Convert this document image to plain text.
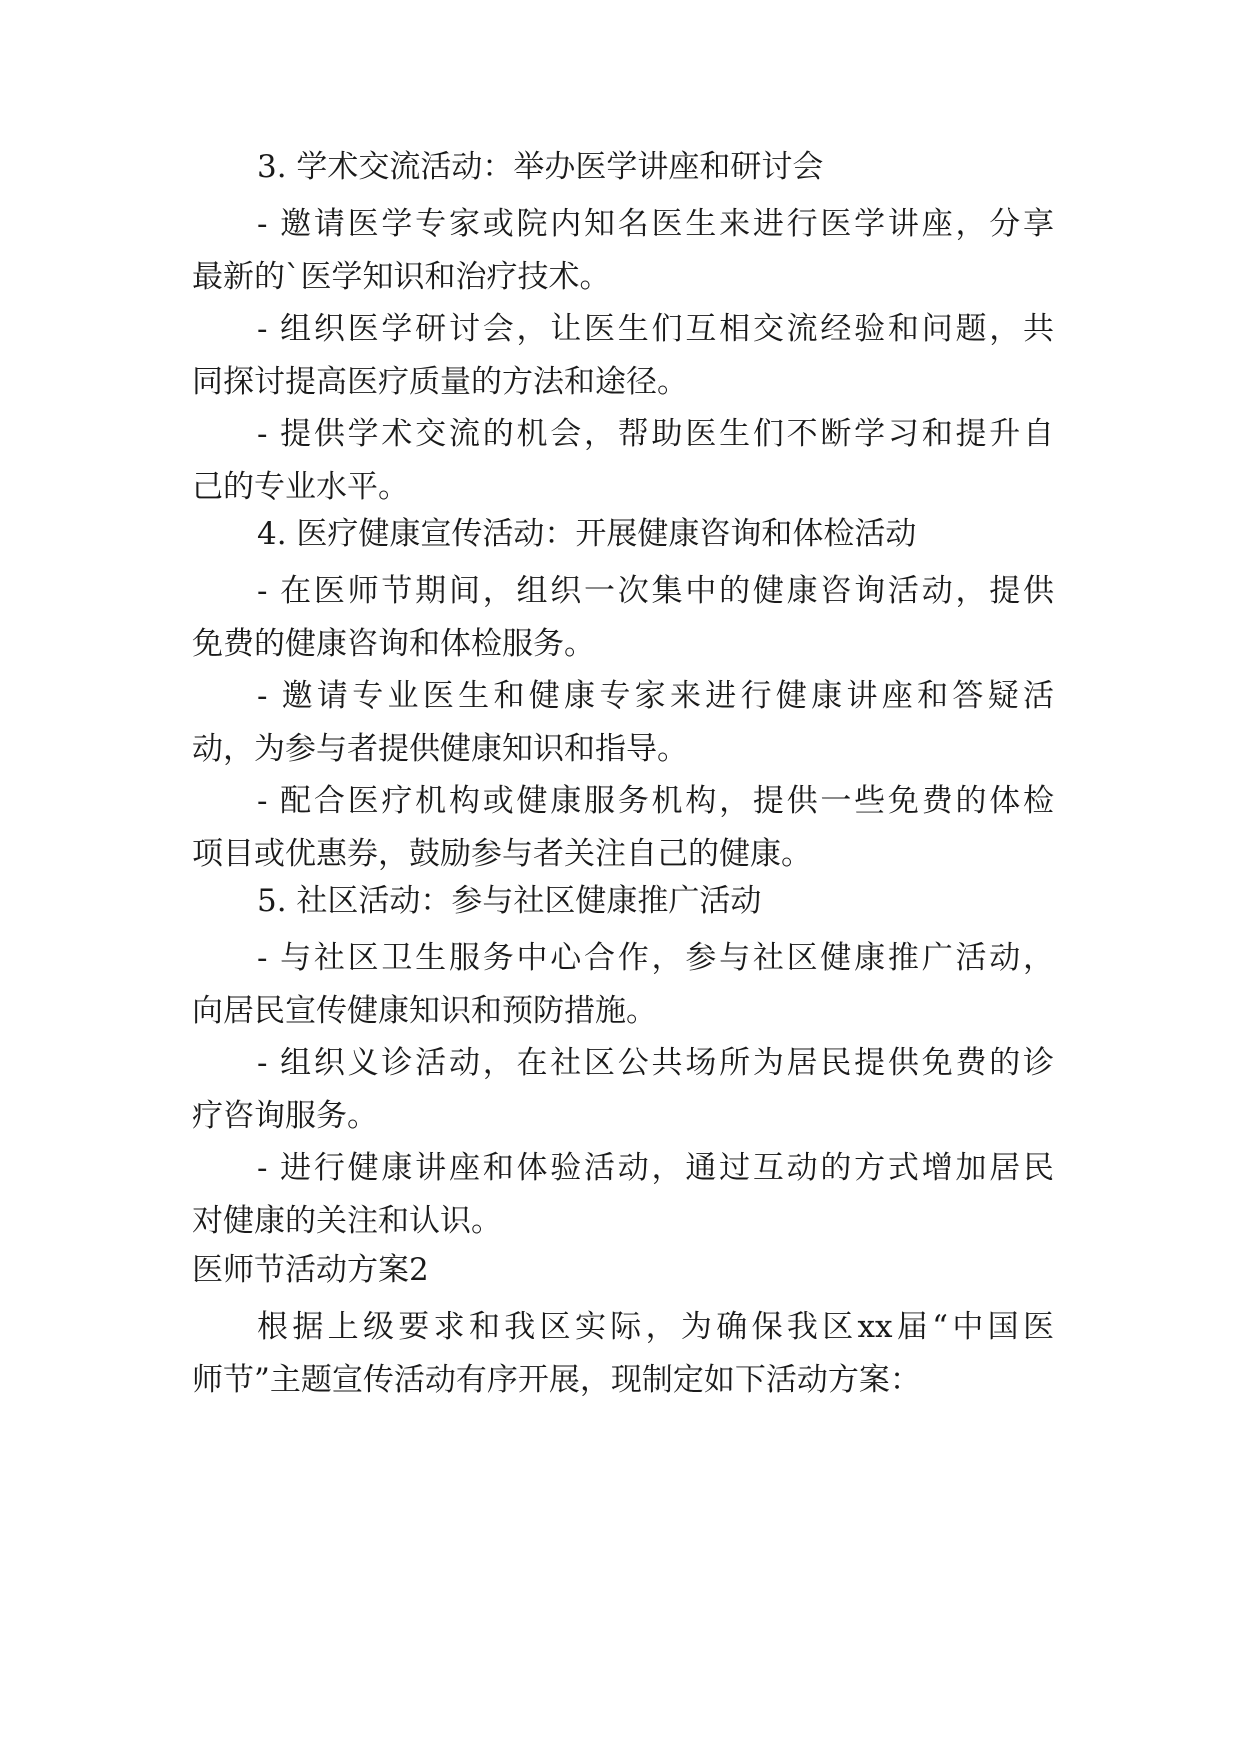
3. 学术交流活动：举办医学讲座和研讨会

- 邀请医学专家或院内知名医生来进行医学讲座，分享

最新的`医学知识和治疗技术。

- 组织医学研讨会，让医生们互相交流经验和问题，共

同探讨提高医疗质量的方法和途径。

- 提供学术交流的机会，帮助医生们不断学习和提升自

己的专业水平。

4. 医疗健康宣传活动：开展健康咨询和体检活动

- 在医师节期间，组织一次集中的健康咨询活动，提供

免费的健康咨询和体检服务。

- 邀请专业医生和健康专家来进行健康讲座和答疑活

动，为参与者提供健康知识和指导。

- 配合医疗机构或健康服务机构，提供一些免费的体检

项目或优惠券，鼓励参与者关注自己的健康。

5. 社区活动：参与社区健康推广活动

- 与社区卫生服务中心合作，参与社区健康推广活动，

向居民宣传健康知识和预防措施。

- 组织义诊活动，在社区公共场所为居民提供免费的诊

疗咨询服务。

- 进行健康讲座和体验活动，通过互动的方式增加居民

对健康的关注和认识。

医师节活动方案2

根据上级要求和我区实际，为确保我区xx届“中国医

师节”主题宣传活动有序开展，现制定如下活动方案：
